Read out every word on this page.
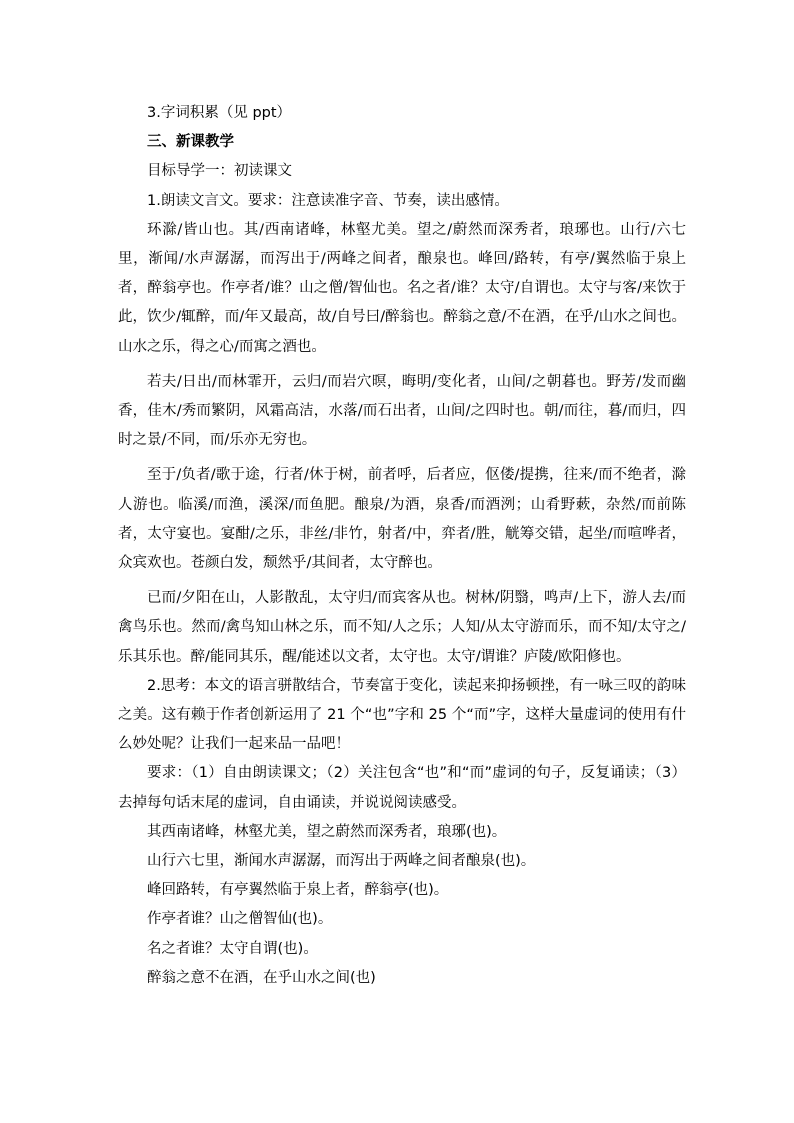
3.字词积累（见 ppt）

三、新课教学

目标导学一：初读课文

1.朗读文言文。要求：注意读准字音、节奏，读出感情。

环滁/皆山也。其/西南诸峰，林壑尤美。望之/蔚然而深秀者，琅琊也。山行/六七里，渐闻/水声潺潺，而泻出于/两峰之间者，酿泉也。峰回/路转，有亭/翼然临于泉上者，醉翁亭也。作亭者/谁？山之僧/智仙也。名之者/谁？太守/自谓也。太守与客/来饮于此，饮少/辄醉，而/年又最高，故/自号曰/醉翁也。醉翁之意/不在酒，在乎/山水之间也。山水之乐，得之心/而寓之酒也。

若夫/日出/而林霏开，云归/而岩穴暝，晦明/变化者，山间/之朝暮也。野芳/发而幽香，佳木/秀而繁阴，风霜高洁，水落/而石出者，山间/之四时也。朝/而往，暮/而归，四时之景/不同，而/乐亦无穷也。

至于/负者/歌于途，行者/休于树，前者呼，后者应，伛偻/提携，往来/而不绝者，滁人游也。临溪/而渔，溪深/而鱼肥。酿泉/为酒，泉香/而酒洌；山肴野蔌，杂然/而前陈者，太守宴也。宴酣/之乐，非丝/非竹，射者/中，弈者/胜，觥筹交错，起坐/而喧哗者，众宾欢也。苍颜白发，颓然乎/其间者，太守醉也。

已而/夕阳在山，人影散乱，太守归/而宾客从也。树林/阴翳，鸣声/上下，游人去/而禽鸟乐也。然而/禽鸟知山林之乐，而不知/人之乐；人知/从太守游而乐，而不知/太守之/乐其乐也。醉/能同其乐，醒/能述以文者，太守也。太守/谓谁？庐陵/欧阳修也。

2.思考：本文的语言骈散结合，节奏富于变化，读起来抑扬顿挫，有一咏三叹的韵味之美。这有赖于作者创新运用了 21 个“也”字和 25 个“而”字，这样大量虚词的使用有什么妙处呢？让我们一起来品一品吧！

要求：（1）自由朗读课文；（2）关注包含“也”和“而”虚词的句子，反复诵读；（3）去掉每句话末尾的虚词，自由诵读，并说说阅读感受。

其西南诸峰，林壑尤美，望之蔚然而深秀者，琅琊(也)。

山行六七里，渐闻水声潺潺，而泻出于两峰之间者酿泉(也)。

峰回路转，有亭翼然临于泉上者，醉翁亭(也)。

作亭者谁？山之僧智仙(也)。

名之者谁？太守自谓(也)。

醉翁之意不在酒，在乎山水之间(也)
